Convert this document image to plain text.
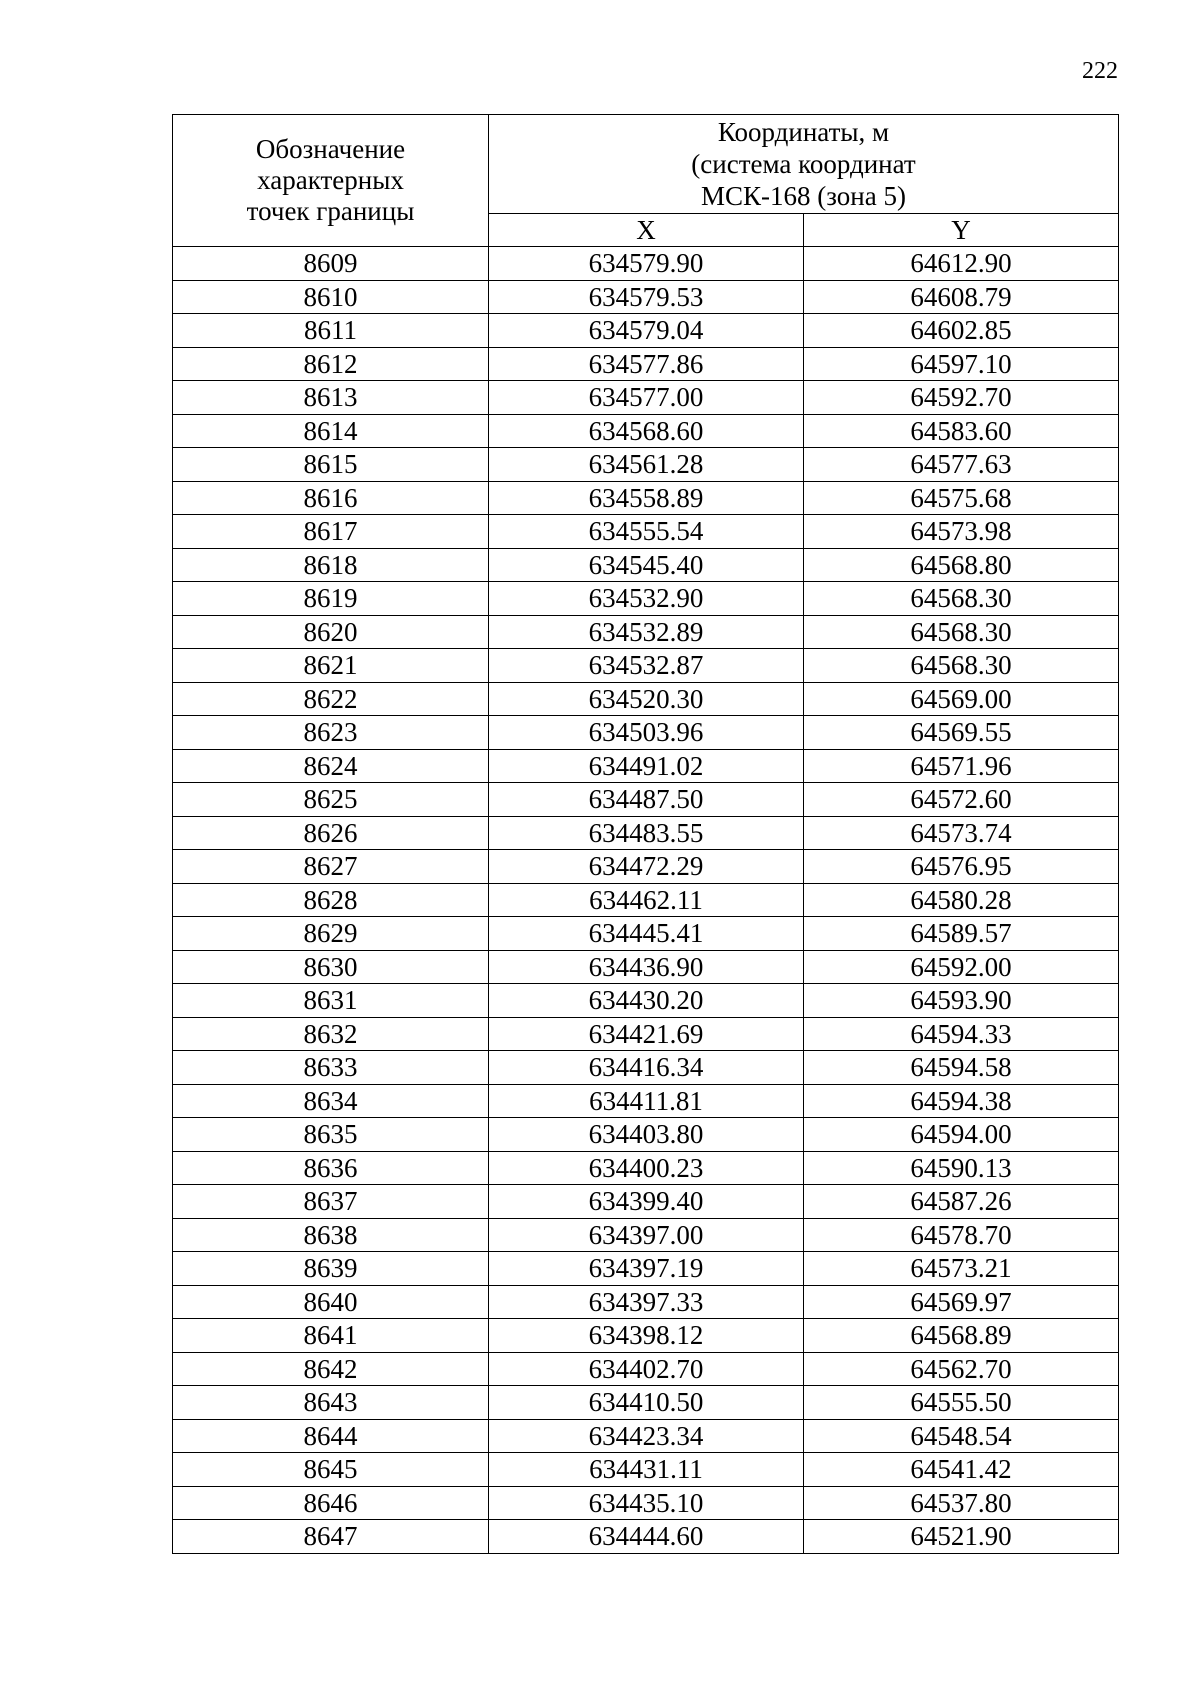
222
Обозначение
характерных
точек границы	Координаты, м
(система координат
МСК-168 (зона 5)	

	X	Y
8609	634579.90	64612.90
8610	634579.53	64608.79
8611	634579.04	64602.85
8612	634577.86	64597.10
8613	634577.00	64592.70
8614	634568.60	64583.60
8615	634561.28	64577.63
8616	634558.89	64575.68
8617	634555.54	64573.98
8618	634545.40	64568.80
8619	634532.90	64568.30
8620	634532.89	64568.30
8621	634532.87	64568.30
8622	634520.30	64569.00
8623	634503.96	64569.55
8624	634491.02	64571.96
8625	634487.50	64572.60
8626	634483.55	64573.74
8627	634472.29	64576.95
8628	634462.11	64580.28
8629	634445.41	64589.57
8630	634436.90	64592.00
8631	634430.20	64593.90
8632	634421.69	64594.33
8633	634416.34	64594.58
8634	634411.81	64594.38
8635	634403.80	64594.00
8636	634400.23	64590.13
8637	634399.40	64587.26
8638	634397.00	64578.70
8639	634397.19	64573.21
8640	634397.33	64569.97
8641	634398.12	64568.89
8642	634402.70	64562.70
8643	634410.50	64555.50
8644	634423.34	64548.54
8645	634431.11	64541.42
8646	634435.10	64537.80
8647	634444.60	64521.90
